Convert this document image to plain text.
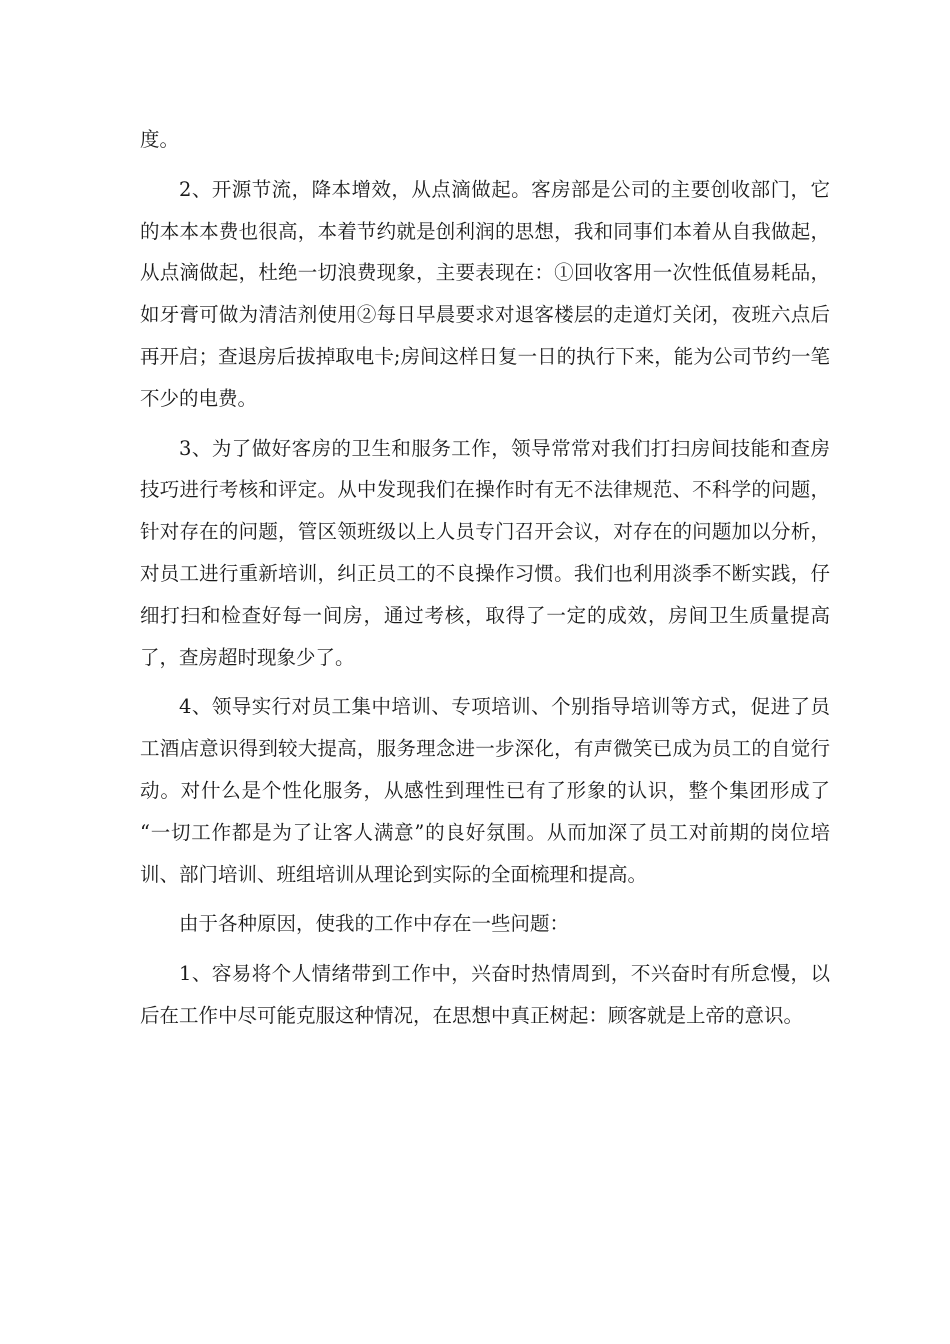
度。

2、开源节流，降本增效，从点滴做起。客房部是公司的主要创收部门，它的本本本费也很高，本着节约就是创利润的思想，我和同事们本着从自我做起，从点滴做起，杜绝一切浪费现象，主要表现在：①回收客用一次性低值易耗品，如牙膏可做为清洁剂使用②每日早晨要求对退客楼层的走道灯关闭，夜班六点后再开启；查退房后拔掉取电卡;房间这样日复一日的执行下来，能为公司节约一笔不少的电费。

3、为了做好客房的卫生和服务工作，领导常常对我们打扫房间技能和查房技巧进行考核和评定。从中发现我们在操作时有无不法律规范、不科学的问题，针对存在的问题，管区领班级以上人员专门召开会议，对存在的问题加以分析，对员工进行重新培训，纠正员工的不良操作习惯。我们也利用淡季不断实践，仔细打扫和检查好每一间房，通过考核，取得了一定的成效，房间卫生质量提高了，查房超时现象少了。

4、领导实行对员工集中培训、专项培训、个别指导培训等方式，促进了员工酒店意识得到较大提高，服务理念进一步深化，有声微笑已成为员工的自觉行动。对什么是个性化服务，从感性到理性已有了形象的认识，整个集团形成了 “一切工作都是为了让客人满意”的良好氛围。从而加深了员工对前期的岗位培训、部门培训、班组培训从理论到实际的全面梳理和提高。

由于各种原因，使我的工作中存在一些问题：

1、容易将个人情绪带到工作中，兴奋时热情周到，不兴奋时有所怠慢，以后在工作中尽可能克服这种情况，在思想中真正树起：顾客就是上帝的意识。
